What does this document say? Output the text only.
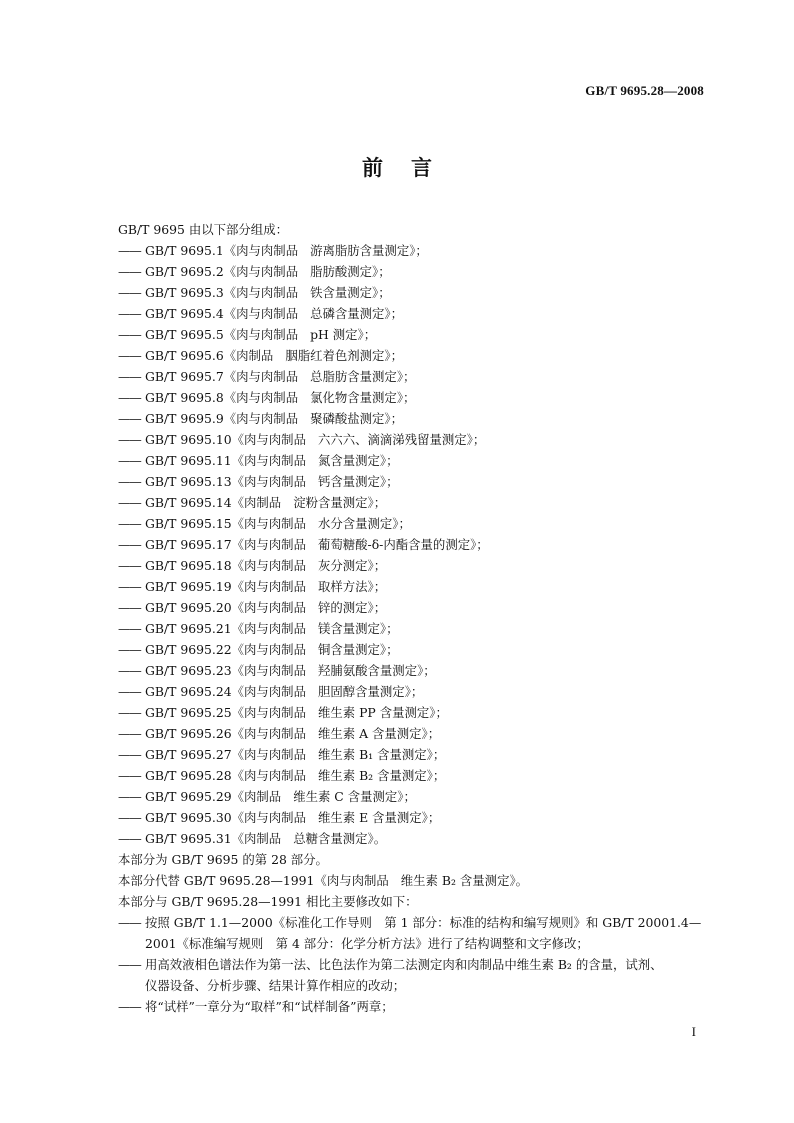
GB/T 9695.28—2008
前言
GB/T 9695 由以下部分组成：
—— GB/T 9695.1《肉与肉制品 游离脂肪含量测定》；
—— GB/T 9695.2《肉与肉制品 脂肪酸测定》；
—— GB/T 9695.3《肉与肉制品 铁含量测定》；
—— GB/T 9695.4《肉与肉制品 总磷含量测定》；
—— GB/T 9695.5《肉与肉制品 pH 测定》；
—— GB/T 9695.6《肉制品 胭脂红着色剂测定》；
—— GB/T 9695.7《肉与肉制品 总脂肪含量测定》；
—— GB/T 9695.8《肉与肉制品 氯化物含量测定》；
—— GB/T 9695.9《肉与肉制品 聚磷酸盐测定》；
—— GB/T 9695.10《肉与肉制品 六六六、滴滴涕残留量测定》；
—— GB/T 9695.11《肉与肉制品 氮含量测定》；
—— GB/T 9695.13《肉与肉制品 钙含量测定》；
—— GB/T 9695.14《肉制品 淀粉含量测定》；
—— GB/T 9695.15《肉与肉制品 水分含量测定》；
—— GB/T 9695.17《肉与肉制品 葡萄糖酸-δ-内酯含量的测定》；
—— GB/T 9695.18《肉与肉制品 灰分测定》；
—— GB/T 9695.19《肉与肉制品 取样方法》；
—— GB/T 9695.20《肉与肉制品 锌的测定》；
—— GB/T 9695.21《肉与肉制品 镁含量测定》；
—— GB/T 9695.22《肉与肉制品 铜含量测定》；
—— GB/T 9695.23《肉与肉制品 羟脯氨酸含量测定》；
—— GB/T 9695.24《肉与肉制品 胆固醇含量测定》；
—— GB/T 9695.25《肉与肉制品 维生素 PP 含量测定》；
—— GB/T 9695.26《肉与肉制品 维生素 A 含量测定》；
—— GB/T 9695.27《肉与肉制品 维生素 B₁ 含量测定》；
—— GB/T 9695.28《肉与肉制品 维生素 B₂ 含量测定》；
—— GB/T 9695.29《肉制品 维生素 C 含量测定》；
—— GB/T 9695.30《肉与肉制品 维生素 E 含量测定》；
—— GB/T 9695.31《肉制品 总糖含量测定》。
本部分为 GB/T 9695 的第 28 部分。
本部分代替 GB/T 9695.28—1991《肉与肉制品 维生素 B₂ 含量测定》。
本部分与 GB/T 9695.28—1991 相比主要修改如下：
—— 按照 GB/T 1.1—2000《标准化工作导则　第 1 部分：标准的结构和编写规则》和 GB/T 20001.4—
2001《标准编写规则　第 4 部分：化学分析方法》进行了结构调整和文字修改；
—— 用高效液相色谱法作为第一法、比色法作为第二法测定肉和肉制品中维生素 B₂ 的含量，试剂、
仪器设备、分析步骤、结果计算作相应的改动；
—— 将“试样”一章分为“取样”和“试样制备”两章；
I
